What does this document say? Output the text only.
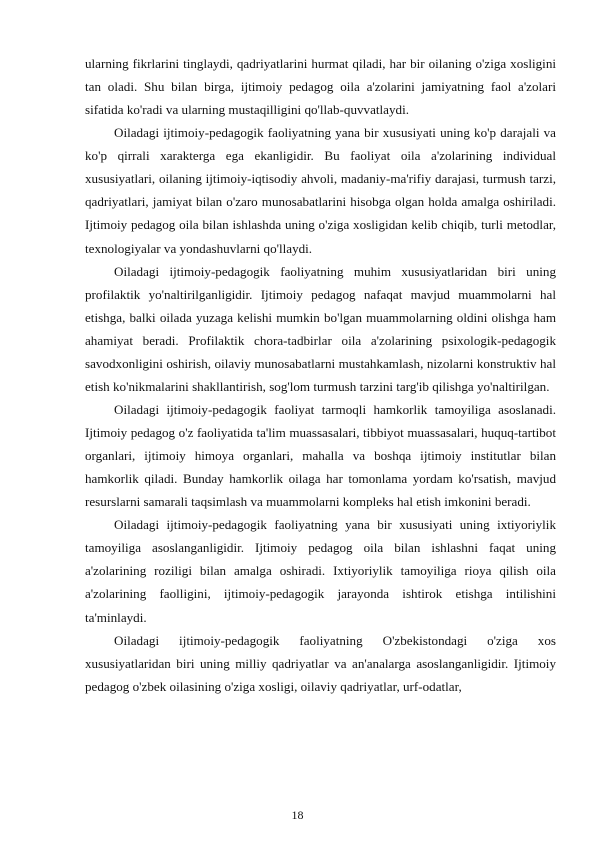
ularning fikrlarini tinglaydi, qadriyatlarini hurmat qiladi, har bir oilaning o'ziga xosligini tan oladi. Shu bilan birga, ijtimoiy pedagog oila a'zolarini jamiyatning faol a'zolari sifatida ko'radi va ularning mustaqilligini qo'llab-quvvatlaydi.

Oiladagi ijtimoiy-pedagogik faoliyatning yana bir xususiyati uning ko'p darajali va ko'p qirrali xarakterga ega ekanligidir. Bu faoliyat oila a'zolarining individual xususiyatlari, oilaning ijtimoiy-iqtisodiy ahvoli, madaniy-ma'rifiy darajasi, turmush tarzi, qadriyatlari, jamiyat bilan o'zaro munosabatlarini hisobga olgan holda amalga oshiriladi. Ijtimoiy pedagog oila bilan ishlashda uning o'ziga xosligidan kelib chiqib, turli metodlar, texnologiyalar va yondashuvlarni qo'llaydi.

Oiladagi ijtimoiy-pedagogik faoliyatning muhim xususiyatlaridan biri uning profilaktik yo'naltirilganligidir. Ijtimoiy pedagog nafaqat mavjud muammolarni hal etishga, balki oilada yuzaga kelishi mumkin bo'lgan muammolarning oldini olishga ham ahamiyat beradi. Profilaktik chora-tadbirlar oila a'zolarining psixologik-pedagogik savodxonligini oshirish, oilaviy munosabatlarni mustahkamlash, nizolarni konstruktiv hal etish ko'nikmalarini shakllantirish, sog'lom turmush tarzini targ'ib qilishga yo'naltirilgan.

Oiladagi ijtimoiy-pedagogik faoliyat tarmoqli hamkorlik tamoyiliga asoslanadi. Ijtimoiy pedagog o'z faoliyatida ta'lim muassasalari, tibbiyot muassasalari, huquq-tartibot organlari, ijtimoiy himoya organlari, mahalla va boshqa ijtimoiy institutlar bilan hamkorlik qiladi. Bunday hamkorlik oilaga har tomonlama yordam ko'rsatish, mavjud resurslarni samarali taqsimlash va muammolarni kompleks hal etish imkonini beradi.

Oiladagi ijtimoiy-pedagogik faoliyatning yana bir xususiyati uning ixtiyoriylik tamoyiliga asoslanganligidir. Ijtimoiy pedagog oila bilan ishlashni faqat uning a'zolarining roziligi bilan amalga oshiradi. Ixtiyoriylik tamoyiliga rioya qilish oila a'zolarining faolligini, ijtimoiy-pedagogik jarayonda ishtirok etishga intilishini ta'minlaydi.

Oiladagi ijtimoiy-pedagogik faoliyatning O'zbekistondagi o'ziga xos xususiyatlaridan biri uning milliy qadriyatlar va an'analarga asoslanganligidir. Ijtimoiy pedagog o'zbek oilasining o'ziga xosligi, oilaviy qadriyatlar, urf-odatlar,

18
